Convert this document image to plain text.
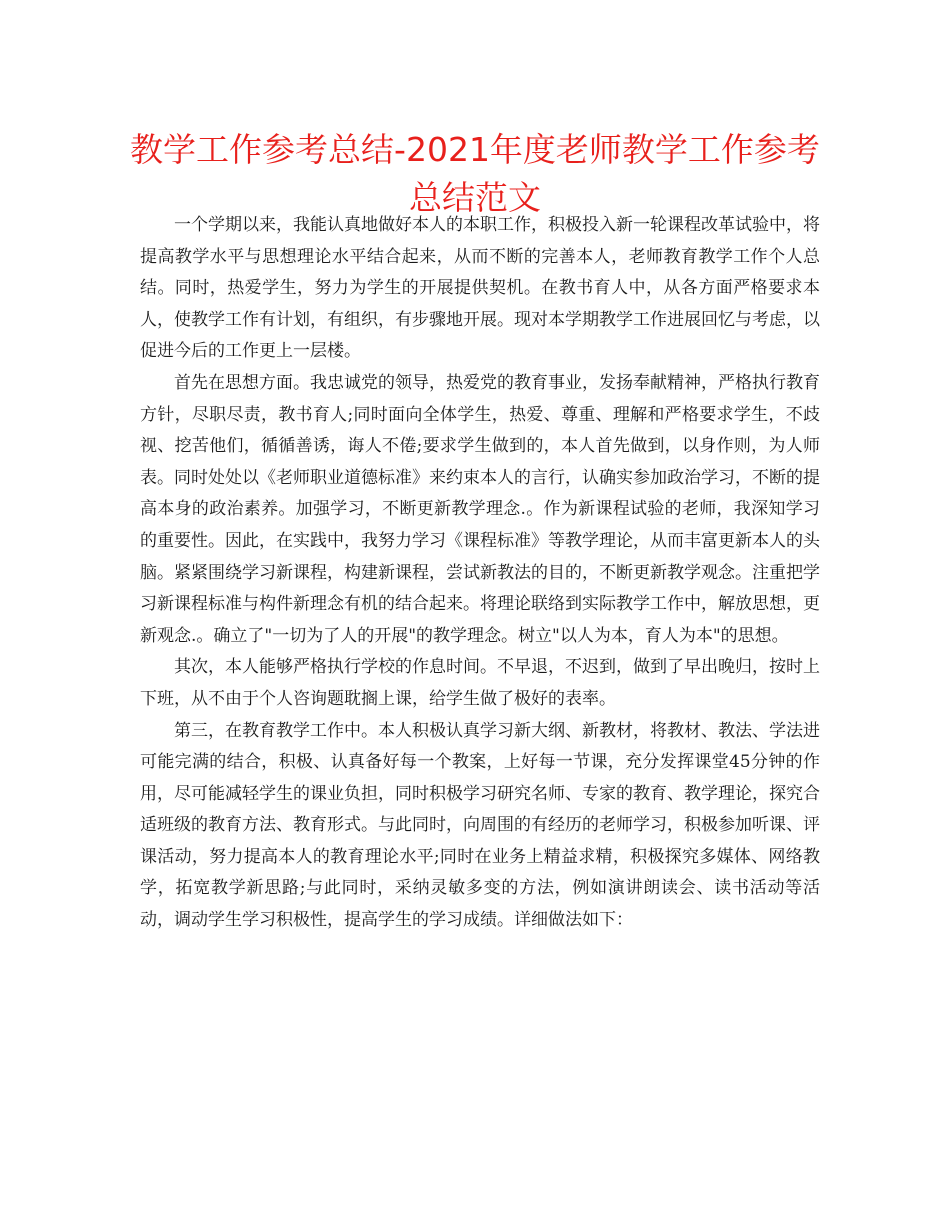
教学工作参考总结-2021年度老师教学工作参考总结范文

一个学期以来，我能认真地做好本人的本职工作，积极投入新一轮课程改革试验中，将提高教学水平与思想理论水平结合起来，从而不断的完善本人，老师教育教学工作个人总结。同时，热爱学生，努力为学生的开展提供契机。在教书育人中，从各方面严格要求本人，使教学工作有计划，有组织，有步骤地开展。现对本学期教学工作进展回忆与考虑，以促进今后的工作更上一层楼。

首先在思想方面。我忠诚党的领导，热爱党的教育事业，发扬奉献精神，严格执行教育方针，尽职尽责，教书育人;同时面向全体学生，热爱、尊重、理解和严格要求学生，不歧视、挖苦他们，循循善诱，诲人不倦;要求学生做到的，本人首先做到，以身作则，为人师表。同时处处以《老师职业道德标准》来约束本人的言行，认确实参加政治学习，不断的提高本身的政治素养。加强学习，不断更新教学理念.。作为新课程试验的老师，我深知学习的重要性。因此，在实践中，我努力学习《课程标准》等教学理论，从而丰富更新本人的头脑。紧紧围绕学习新课程，构建新课程，尝试新教法的目的，不断更新教学观念。注重把学习新课程标准与构件新理念有机的结合起来。将理论联络到实际教学工作中，解放思想，更新观念.。确立了"一切为了人的开展"的教学理念。树立"以人为本，育人为本"的思想。

其次，本人能够严格执行学校的作息时间。不早退，不迟到，做到了早出晚归，按时上下班，从不由于个人咨询题耽搁上课，给学生做了极好的表率。

第三，在教育教学工作中。本人积极认真学习新大纲、新教材，将教材、教法、学法进可能完满的结合，积极、认真备好每一个教案，上好每一节课，充分发挥课堂45分钟的作用，尽可能减轻学生的课业负担，同时积极学习研究名师、专家的教育、教学理论，探究合适班级的教育方法、教育形式。与此同时，向周围的有经历的老师学习，积极参加听课、评课活动，努力提高本人的教育理论水平;同时在业务上精益求精，积极探究多媒体、网络教学，拓宽教学新思路;与此同时，采纳灵敏多变的方法，例如演讲朗读会、读书活动等活动，调动学生学习积极性，提高学生的学习成绩。详细做法如下：
